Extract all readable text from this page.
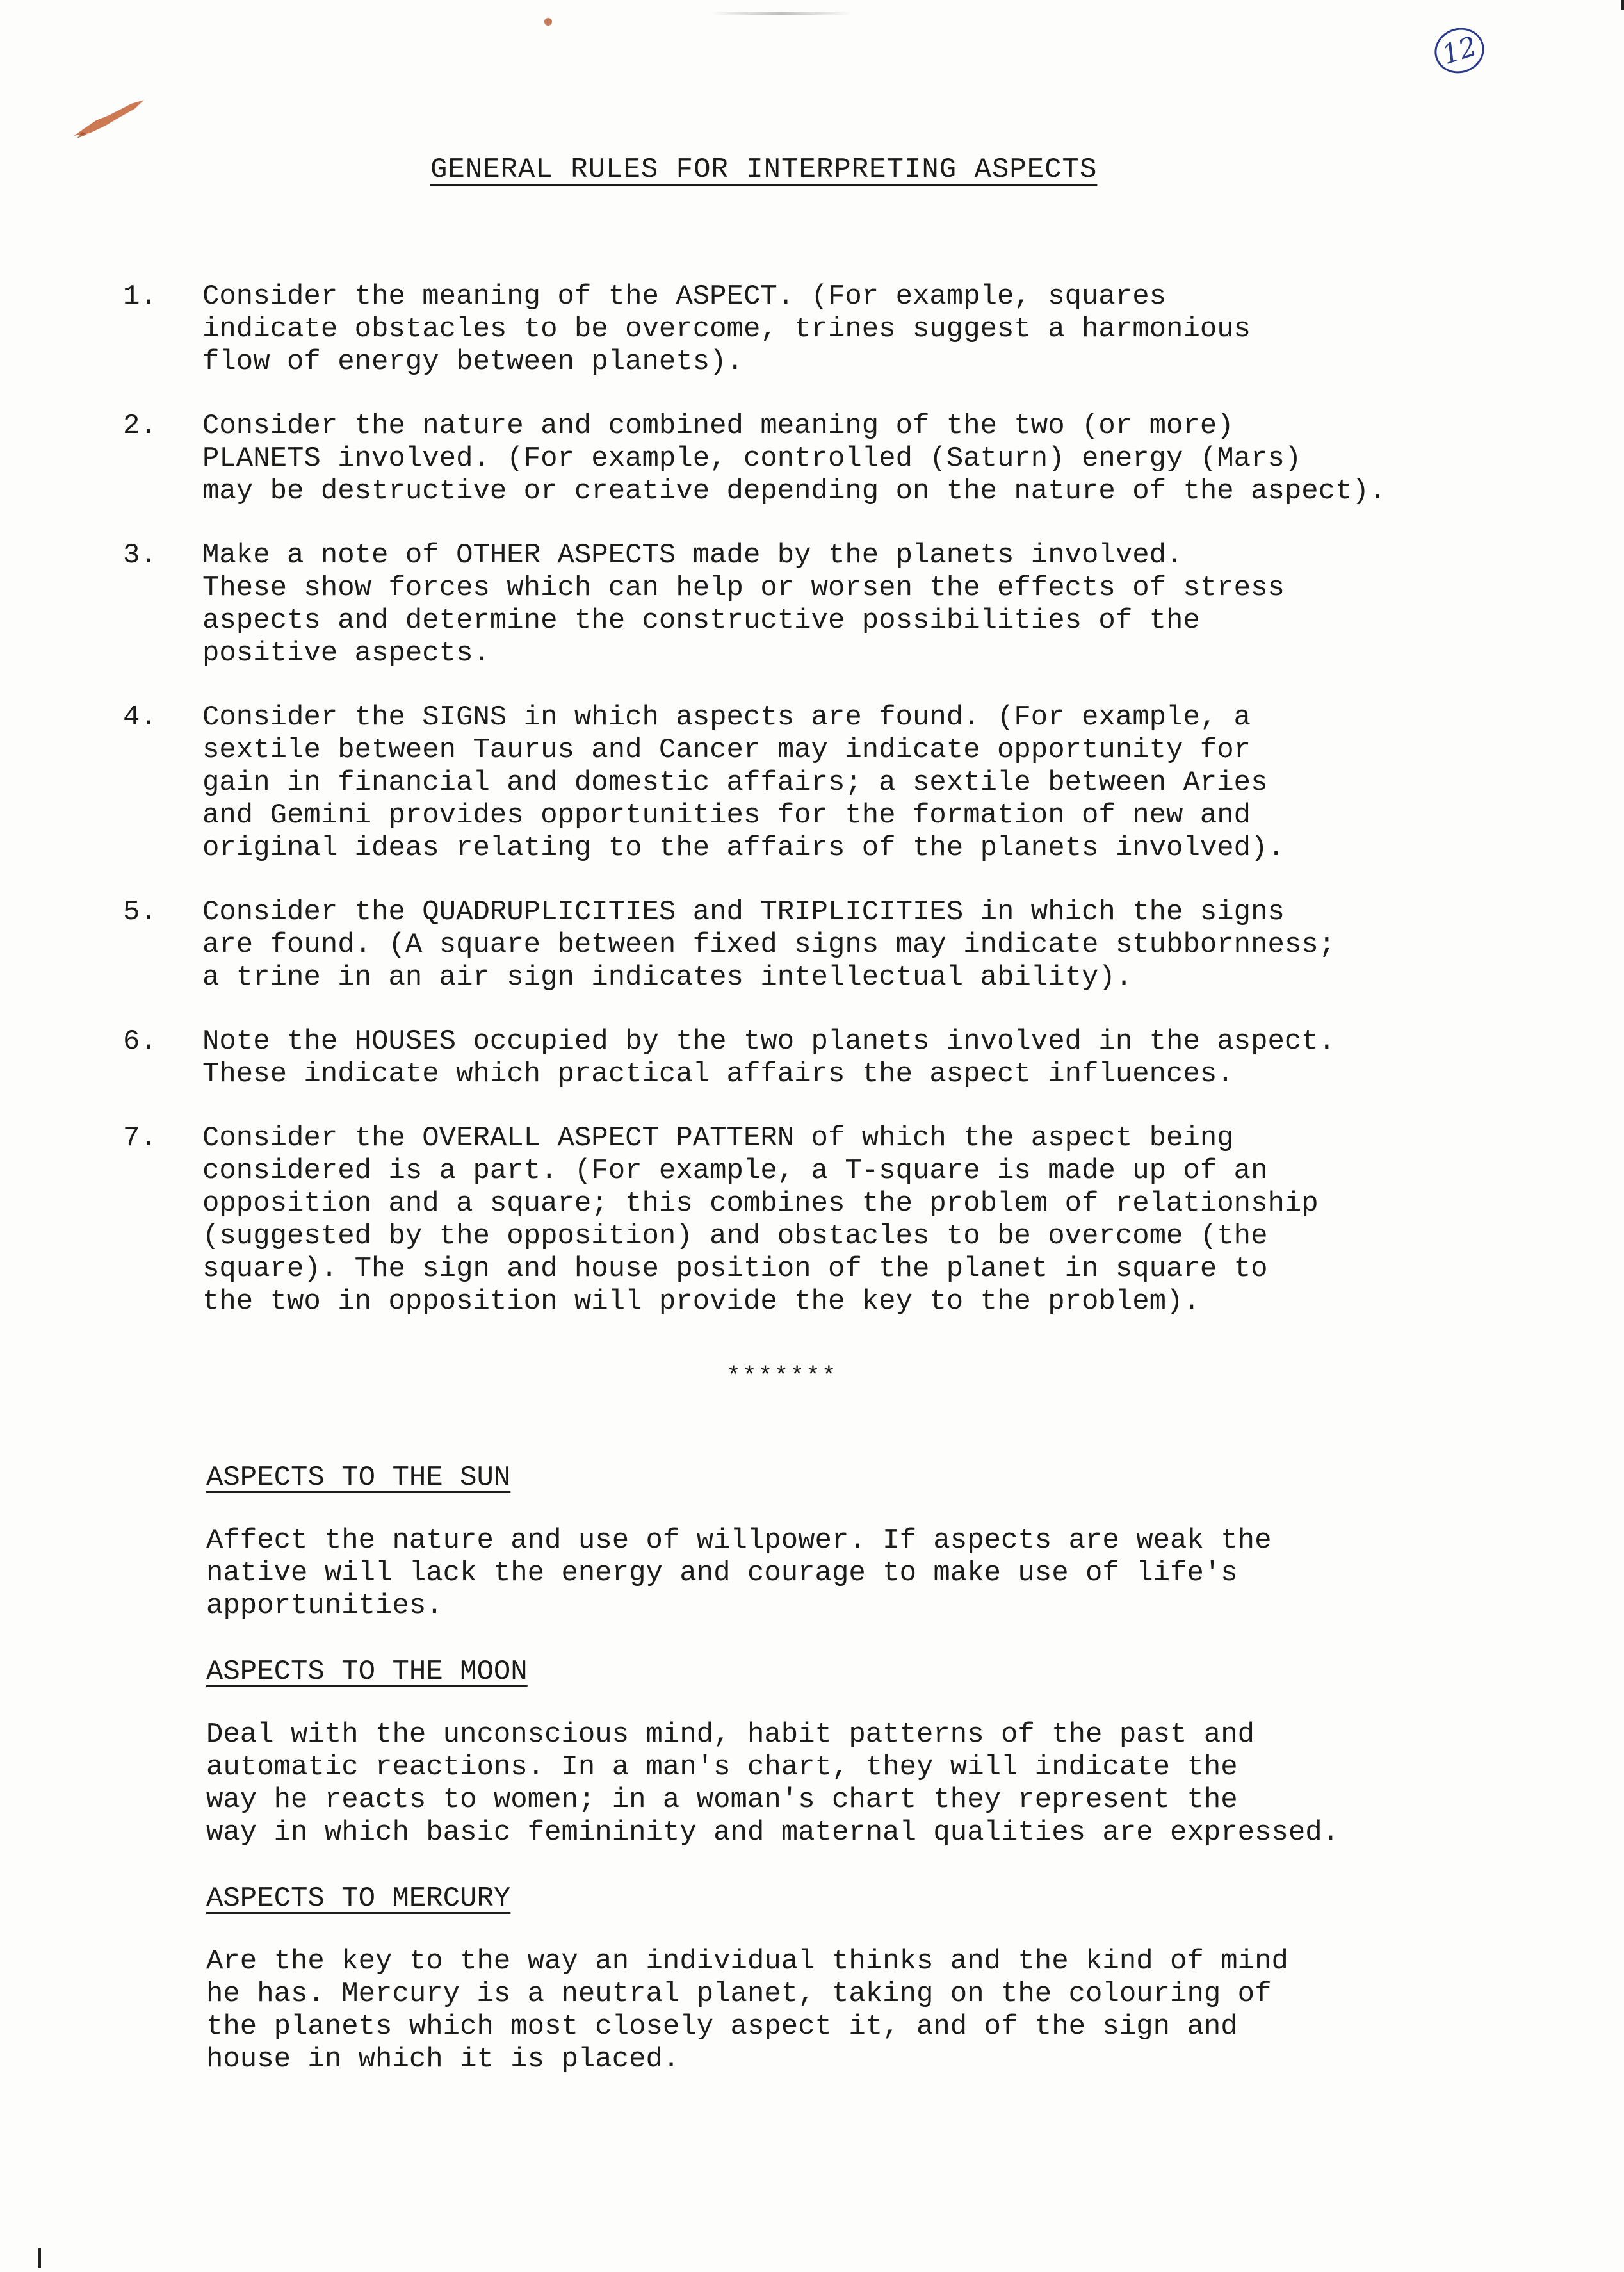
12
GENERAL RULES FOR INTERPRETING ASPECTS
1.	Consider the meaning of the ASPECT. (For example, squares
indicate obstacles to be overcome, trines suggest a harmonious
flow of energy between planets).
2.	Consider the nature and combined meaning of the two (or more)
PLANETS involved. (For example, controlled (Saturn) energy (Mars)
may be destructive or creative depending on the nature of the aspect).
3.	Make a note of OTHER ASPECTS made by the planets involved.
These show forces which can help or worsen the effects of stress
aspects and determine the constructive possibilities of the
positive aspects.
4.	Consider the SIGNS in which aspects are found. (For example, a
sextile between Taurus and Cancer may indicate opportunity for
gain in financial and domestic affairs; a sextile between Aries
and Gemini provides opportunities for the formation of new and
original ideas relating to the affairs of the planets involved).
5.	Consider the QUADRUPLICITIES and TRIPLICITIES in which the signs
are found. (A square between fixed signs may indicate stubbornness;
a trine in an air sign indicates intellectual ability).
6.	Note the HOUSES occupied by the two planets involved in the aspect.
These indicate which practical affairs the aspect influences.
7.	Consider the OVERALL ASPECT PATTERN of which the aspect being
considered is a part. (For example, a T-square is made up of an
opposition and a square; this combines the problem of relationship
(suggested by the opposition) and obstacles to be overcome (the
square). The sign and house position of the planet in square to
the two in opposition will provide the key to the problem).
*******
ASPECTS TO THE SUN
Affect the nature and use of willpower. If aspects are weak the
native will lack the energy and courage to make use of life's
apportunities.
ASPECTS TO THE MOON
Deal with the unconscious mind, habit patterns of the past and
automatic reactions. In a man's chart, they will indicate the
way he reacts to women; in a woman's chart they represent the
way in which basic femininity and maternal qualities are expressed.
ASPECTS TO MERCURY
Are the key to the way an individual thinks and the kind of mind
he has. Mercury is a neutral planet, taking on the colouring of
the planets which most closely aspect it, and of the sign and
house in which it is placed.
